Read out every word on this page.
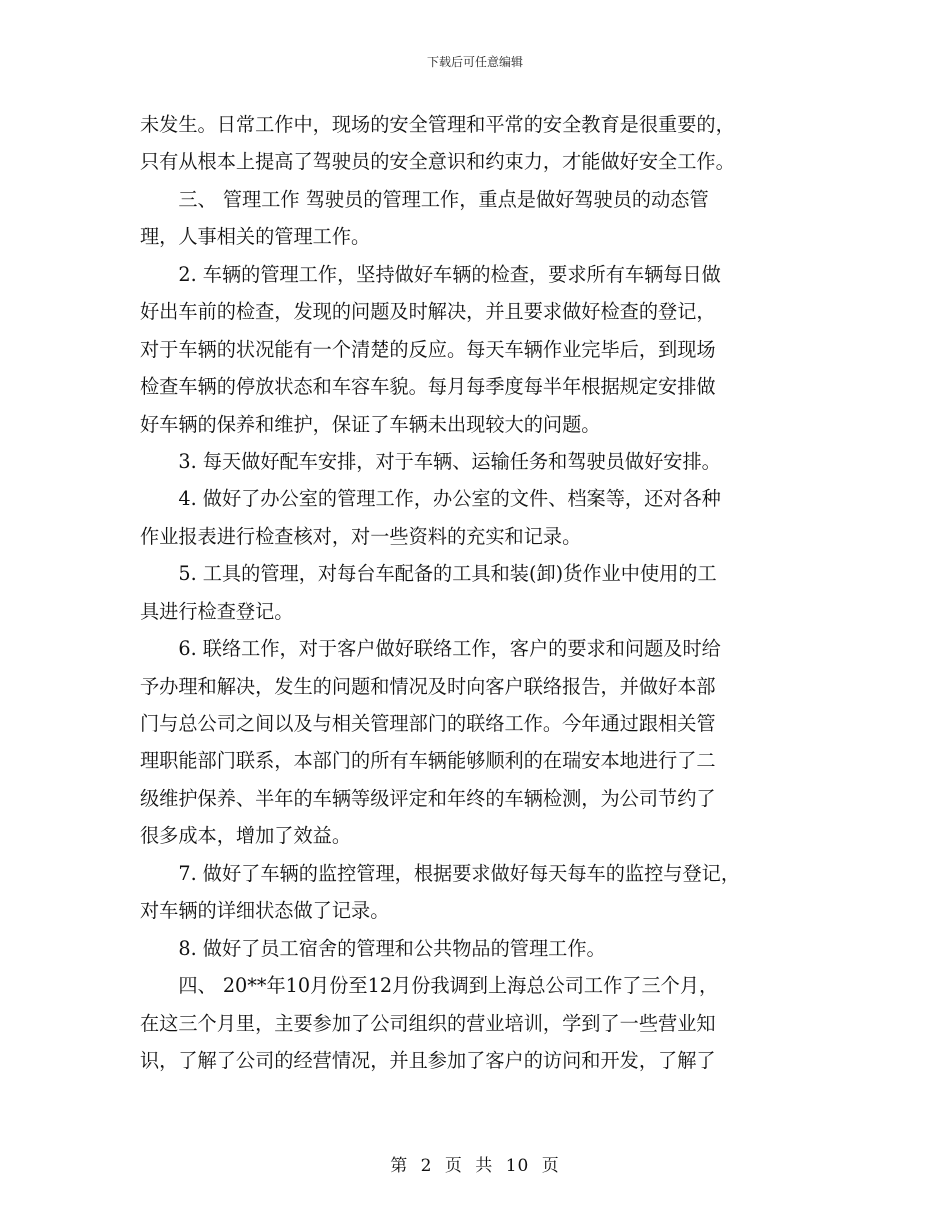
下载后可任意编辑
未发生。日常工作中，现场的安全管理和平常的安全教育是很重要的，
只有从根本上提高了驾驶员的安全意识和约束力，才能做好安全工作。
　　三、 管理工作 驾驶员的管理工作，重点是做好驾驶员的动态管
理，人事相关的管理工作。
　　2. 车辆的管理工作，坚持做好车辆的检查，要求所有车辆每日做
好出车前的检查，发现的问题及时解决，并且要求做好检查的登记，
对于车辆的状况能有一个清楚的反应。每天车辆作业完毕后，到现场
检查车辆的停放状态和车容车貌。每月每季度每半年根据规定安排做
好车辆的保养和维护，保证了车辆未出现较大的问题。
　　3. 每天做好配车安排，对于车辆、运输任务和驾驶员做好安排。
　　4. 做好了办公室的管理工作，办公室的文件、档案等，还对各种
作业报表进行检查核对，对一些资料的充实和记录。
　　5. 工具的管理，对每台车配备的工具和装(卸)货作业中使用的工
具进行检查登记。
　　6. 联络工作，对于客户做好联络工作，客户的要求和问题及时给
予办理和解决，发生的问题和情况及时向客户联络报告，并做好本部
门与总公司之间以及与相关管理部门的联络工作。今年通过跟相关管
理职能部门联系，本部门的所有车辆能够顺利的在瑞安本地进行了二
级维护保养、半年的车辆等级评定和年终的车辆检测，为公司节约了
很多成本，增加了效益。
　　7. 做好了车辆的监控管理，根据要求做好每天每车的监控与登记，
对车辆的详细状态做了记录。
　　8. 做好了员工宿舍的管理和公共物品的管理工作。
　　四、 20**年10月份至12月份我调到上海总公司工作了三个月，
在这三个月里，主要参加了公司组织的营业培训，学到了一些营业知
识，了解了公司的经营情况，并且参加了客户的访问和开发，了解了
第 2 页 共 10 页
